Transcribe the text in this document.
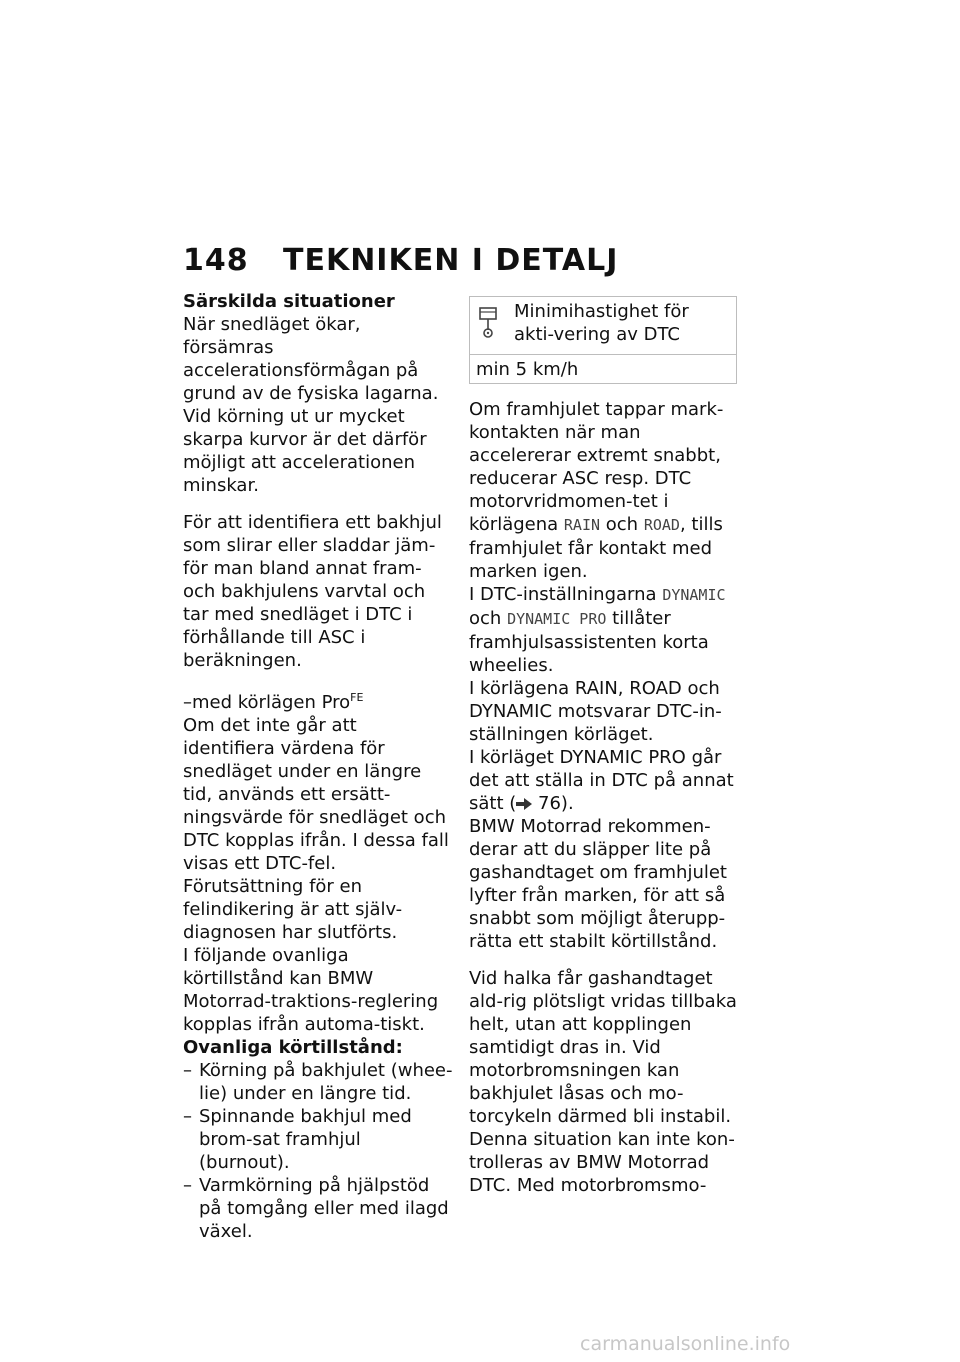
148 TEKNIKEN I DETALJ

Särskilda situationer

När snedläget ökar, försämras accelerationsförmågan på grund av de fysiska lagarna. Vid körning ut ur mycket skarpa kurvor är det därför möjligt att accelerationen minskar.

För att identifiera ett bakhjul som slirar eller sladdar jäm-för man bland annat fram- och bakhjulens varvtal och tar med snedläget i DTC i förhållande till ASC i beräkningen.

–med körlägen Pro$^{FE}$

Om det inte går att identifiera värdena för snedläget under en längre tid, används ett ersätt-ningsvärde för snedläget och DTC kopplas ifrån. I dessa fall visas ett DTC-fel. Förutsättning för en felindikering är att själv-diagnosen har slutförts.

I följande ovanliga körtillstånd kan BMW Motorrad-traktions-reglering kopplas ifrån automa-tiskt.

Ovanliga körtillstånd:

– Körning på bakhjulet (whee-lie) under en längre tid.
– Spinnande bakhjul med brom-sat framhjul (burnout).
– Varmkörning på hjälpstöd på tomgång eller med ilagd växel.
Minimihastighet för akti-vering av DTC
min 5 km/h

Om framhjulet tappar mark-kontakten när man accelererar extremt snabbt, reducerar ASC resp. DTC motorvridmomen-tet i körlägena RAIN och ROAD, tills framhjulet får kontakt med marken igen.

I DTC-inställningarna DYNAMIC och DYNAMIC PRO tillåter framhjulsassistenten korta wheelies.

I körlägena RAIN, ROAD och DYNAMIC motsvarar DTC-in-ställningen körläget.

I körläget DYNAMIC PRO går det att ställa in DTC på annat sätt ( 76).

BMW Motorrad rekommen-derar att du släpper lite på gashandtaget om framhjulet lyfter från marken, för att så snabbt som möjligt återupp-rätta ett stabilt körtillstånd.

Vid halka får gashandtaget ald-rig plötsligt vridas tillbaka helt, utan att kopplingen samtidigt dras in. Vid motorbromsningen kan bakhjulet låsas och mo-torcykeln därmed bli instabil. Denna situation kan inte kon-trolleras av BMW Motorrad DTC. Med motorbromsmo-

carmanualsonline.info
